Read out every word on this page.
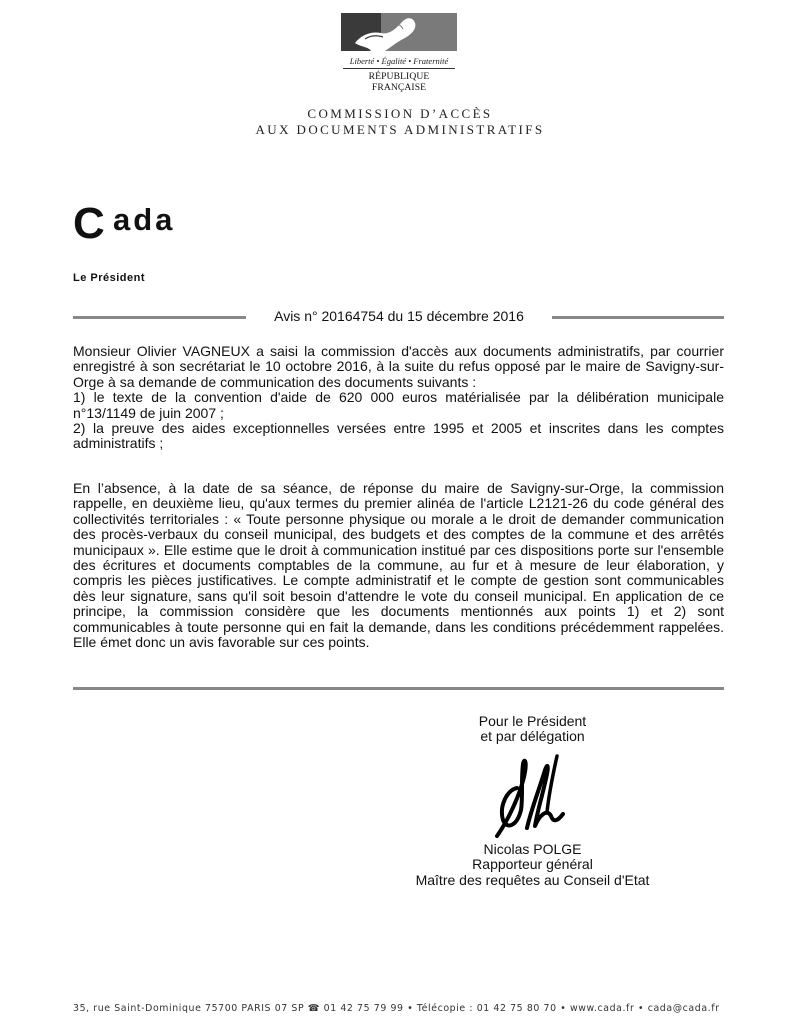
Liberté • Égalité • Fraternité
RÉPUBLIQUE FRANÇAISE
COMMISSION D’ACCÈS
AUX DOCUMENTS ADMINISTRATIFS
C ada
Le Président
Avis n° 20164754 du 15 décembre 2016

Monsieur Olivier VAGNEUX a saisi la commission d'accès aux documents administratifs, par courrier enregistré à son secrétariat le 10 octobre 2016, à la suite du refus opposé par le maire de Savigny-sur-Orge à sa demande de communication des documents suivants :

1) le texte de la convention d'aide de 620 000 euros matérialisée par la délibération municipale n°13/1149 de juin 2007 ;

2) la preuve des aides exceptionnelles versées entre 1995 et 2005 et inscrites dans les comptes administratifs ;

En l’absence, à la date de sa séance, de réponse du maire de Savigny-sur-Orge, la commission rappelle, en deuxième lieu, qu'aux termes du premier alinéa de l'article L2121-26 du code général des collectivités territoriales : « Toute personne physique ou morale a le droit de demander communication des procès-verbaux du conseil municipal, des budgets et des comptes de la commune et des arrêtés municipaux ». Elle estime que le droit à communication institué par ces dispositions porte sur l'ensemble des écritures et documents comptables de la commune, au fur et à mesure de leur élaboration, y compris les pièces justificatives. Le compte administratif et le compte de gestion sont communicables dès leur signature, sans qu'il soit besoin d'attendre le vote du conseil municipal. En application de ce principe, la commission considère que les documents mentionnés aux points 1) et 2) sont communicables à toute personne qui en fait la demande, dans les conditions précédemment rappelées. Elle émet donc un avis favorable sur ces points.

Pour le Président
et par délégation
Nicolas POLGE
Rapporteur général
Maître des requêtes au Conseil d'Etat
35, rue Saint-Dominique 75700 PARIS 07 SP ☎ 01 42 75 79 99 • Télécopie : 01 42 75 80 70 • www.cada.fr • cada@cada.fr
